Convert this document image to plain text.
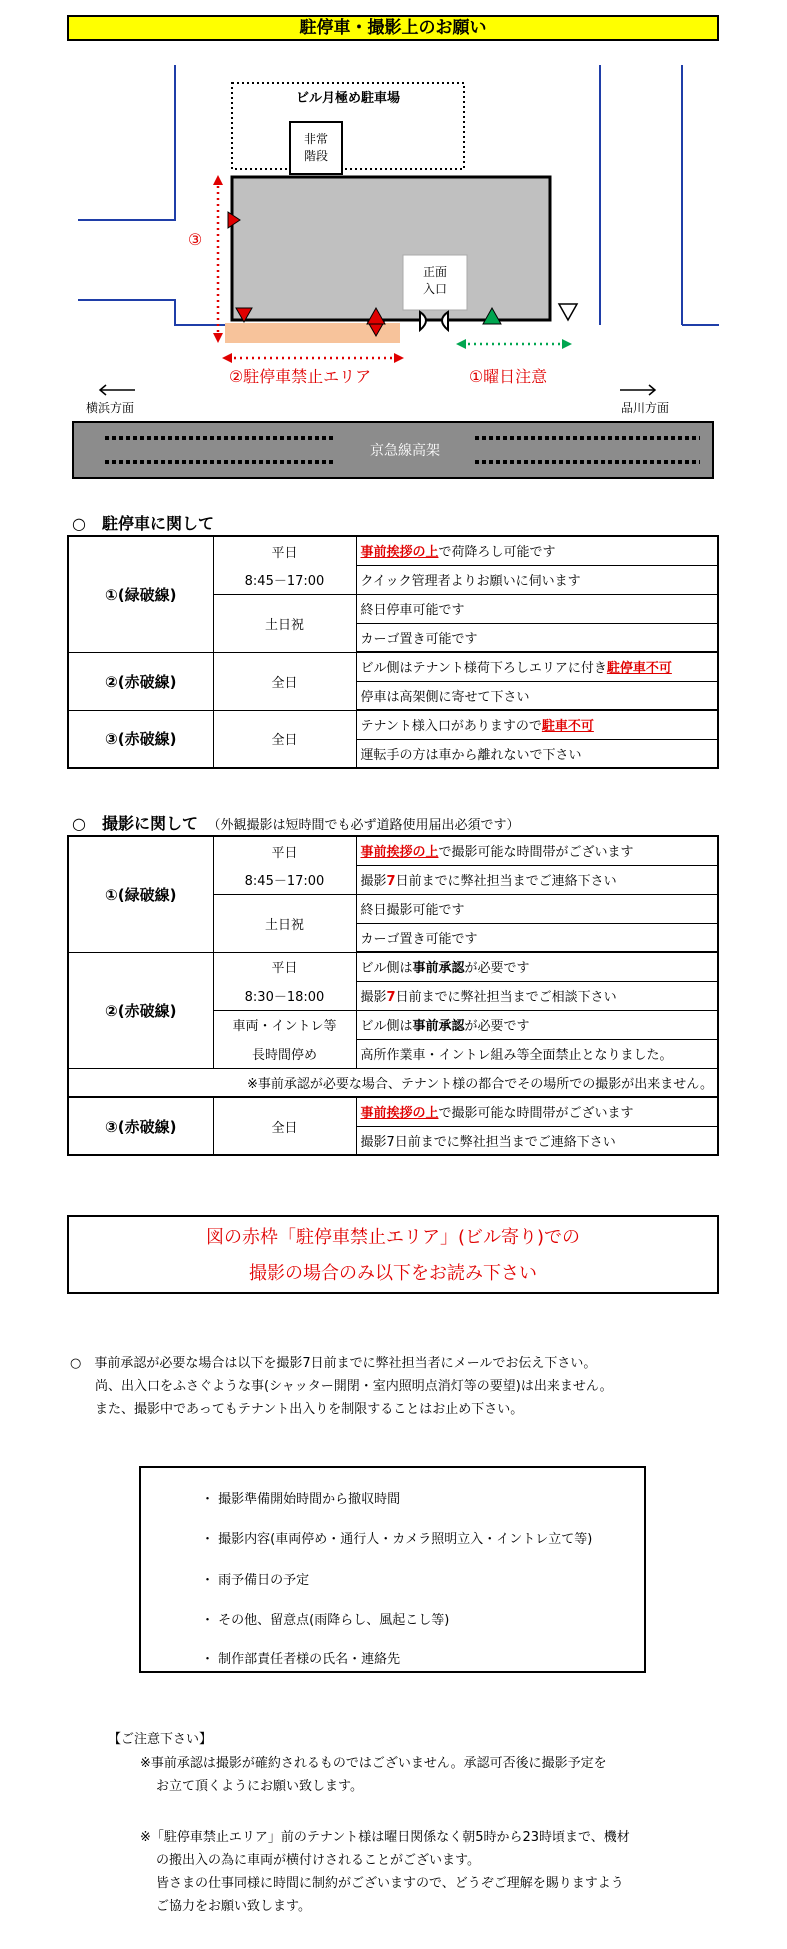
駐停車・撮影上のお願い
ビル月極め駐車場
非常
階段
正面
入口
③
②駐停車禁止エリア	①曜日注意
横浜方面	品川方面
京急線高架
○　駐停車に関して
①(緑破線)	平日	事前挨拶の上で荷降ろし可能です
	8:45－17:00	クイック管理者よりお願いに伺います
	土日祝	終日停車可能です
		カーゴ置き可能です
②(赤破線)	全日	ビル側はテナント様荷下ろしエリアに付き駐停車不可
		停車は高架側に寄せて下さい
③(赤破線)	全日	テナント様入口がありますので駐車不可
		運転手の方は車から離れないで下さい
○　撮影に関して　 （外観撮影は短時間でも必ず道路使用届出必須です）
①(緑破線)	平日	事前挨拶の上で撮影可能な時間帯がございます
	8:45－17:00	撮影7日前までに弊社担当までご連絡下さい
	土日祝	終日撮影可能です
		カーゴ置き可能です
②(赤破線)	平日	ビル側は事前承認が必要です
	8:30－18:00	撮影7日前までに弊社担当までご相談下さい
	車両・イントレ等	ビル側は事前承認が必要です
	長時間停め	高所作業車・イントレ組み等全面禁止となりました。
※事前承認が必要な場合、テナント様の都合でその場所での撮影が出来ません。		
③(赤破線)	全日	事前挨拶の上で撮影可能な時間帯がございます
		撮影7日前までに弊社担当までご連絡下さい
図の赤枠「駐停車禁止エリア」(ビル寄り)での
撮影の場合のみ以下をお読み下さい
○　事前承認が必要な場合は以下を撮影7日前までに弊社担当者にメールでお伝え下さい。
尚、出入口をふさぐような事(シャッター開閉・室内照明点消灯等の要望)は出来ません。
また、撮影中であってもテナント出入りを制限することはお止め下さい。
・ 撮影準備開始時間から撤収時間
・ 撮影内容(車両停め・通行人・カメラ照明立入・イントレ立て等)
・ 雨予備日の予定
・ その他、留意点(雨降らし、風起こし等)
・ 制作部責任者様の氏名・連絡先
【ご注意下さい】
※事前承認は撮影が確約されるものではございません。承認可否後に撮影予定を
お立て頂くようにお願い致します。
※「駐停車禁止エリア」前のテナント様は曜日関係なく朝5時から23時頃まで、機材
の搬出入の為に車両が横付けされることがございます。
皆さまの仕事同様に時間に制約がございますので、どうぞご理解を賜りますよう
ご協力をお願い致します。
